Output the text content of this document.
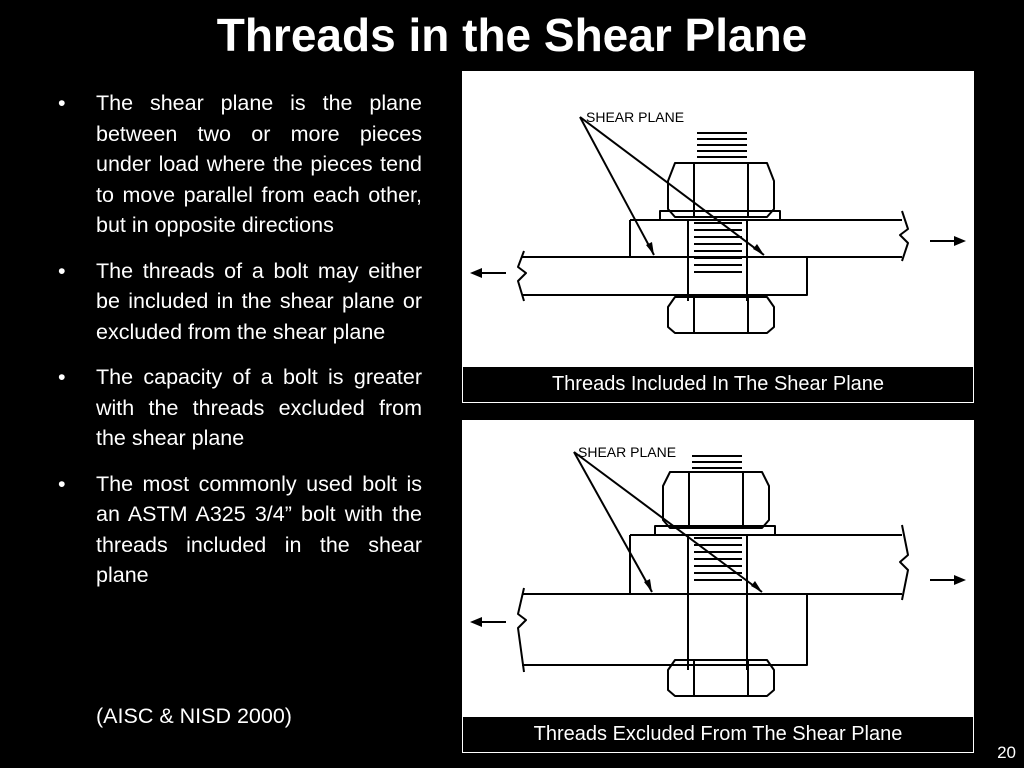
Threads in the Shear Plane
• The shear plane is the plane between two or more pieces under load where the pieces tend to move parallel from each other, but in opposite directions
• The threads of a bolt may either be included in the shear plane or excluded from the shear plane
• The capacity of a bolt is greater with the threads excluded from the shear plane
• The most commonly used bolt is an ASTM A325 3/4” bolt with the threads included in the shear plane
(AISC & NISD 2000)
SHEAR PLANE
Threads Included In The Shear Plane
SHEAR PLANE
Threads Excluded From The Shear Plane
20
